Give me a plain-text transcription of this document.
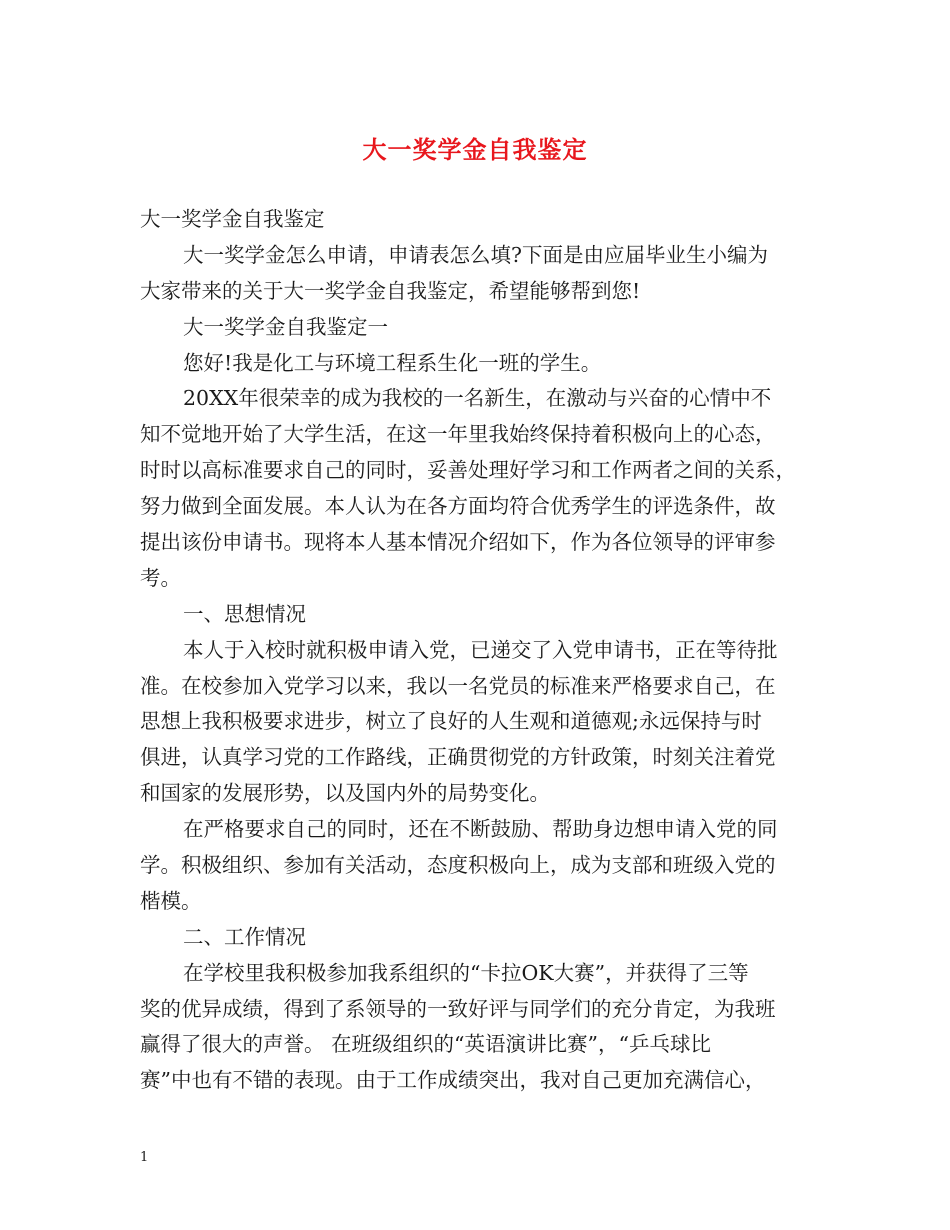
大一奖学金自我鉴定
大一奖学金自我鉴定
大一奖学金怎么申请，申请表怎么填?下面是由应届毕业生小编为
大家带来的关于大一奖学金自我鉴定，希望能够帮到您!
大一奖学金自我鉴定一
您好!我是化工与环境工程系生化一班的学生。
20XX年很荣幸的成为我校的一名新生，在激动与兴奋的心情中不
知不觉地开始了大学生活，在这一年里我始终保持着积极向上的心态，
时时以高标准要求自己的同时，妥善处理好学习和工作两者之间的关系，
努力做到全面发展。本人认为在各方面均符合优秀学生的评选条件，故
提出该份申请书。现将本人基本情况介绍如下，作为各位领导的评审参
考。
一、思想情况
本人于入校时就积极申请入党，已递交了入党申请书，正在等待批
准。在校参加入党学习以来，我以一名党员的标准来严格要求自己，在
思想上我积极要求进步，树立了良好的人生观和道德观;永远保持与时
俱进，认真学习党的工作路线，正确贯彻党的方针政策，时刻关注着党
和国家的发展形势，以及国内外的局势变化。
在严格要求自己的同时，还在不断鼓励、帮助身边想申请入党的同
学。积极组织、参加有关活动，态度积极向上，成为支部和班级入党的
楷模。
二、工作情况
在学校里我积极参加我系组织的“卡拉OK大赛”，并获得了三等
奖的优异成绩，得到了系领导的一致好评与同学们的充分肯定，为我班
赢得了很大的声誉。 在班级组织的“英语演讲比赛”，“乒乓球比
赛”中也有不错的表现。由于工作成绩突出，我对自己更加充满信心，
1
